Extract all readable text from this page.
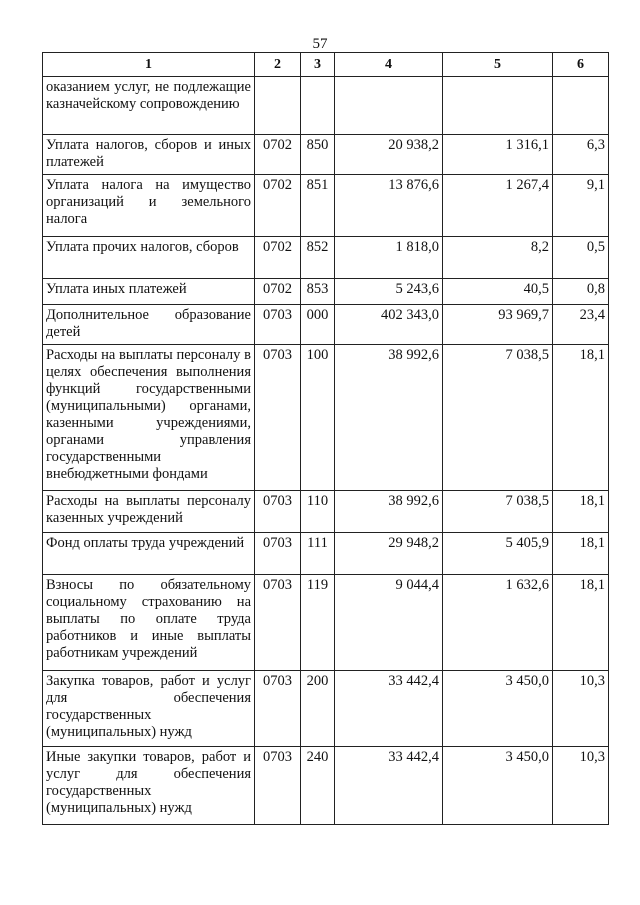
57
1	2	3	4	5	6
оказанием услуг, не подлежащие казначейскому сопровождению					
Уплата налогов, сборов и иных платежей	0702	850	20 938,2	1 316,1	6,3
Уплата налога на имущество организаций и земельного налога	0702	851	13 876,6	1 267,4	9,1
Уплата прочих налогов, сборов	0702	852	1 818,0	8,2	0,5
Уплата иных платежей	0702	853	5 243,6	40,5	0,8
Дополнительное образование детей	0703	000	402 343,0	93 969,7	23,4
Расходы на выплаты персоналу в целях обеспечения выполнения функций государственными (муниципальными) органами, казенными учреждениями, органами управления государственными внебюджетными фондами	0703	100	38 992,6	7 038,5	18,1
Расходы на выплаты персоналу казенных учреждений	0703	110	38 992,6	7 038,5	18,1
Фонд оплаты труда учреждений	0703	111	29 948,2	5 405,9	18,1
Взносы по обязательному социальному страхованию на выплаты по оплате труда работников и иные выплаты работникам учреждений	0703	119	9 044,4	1 632,6	18,1
Закупка товаров, работ и услуг для обеспечения государственных (муниципальных) нужд	0703	200	33 442,4	3 450,0	10,3
Иные закупки товаров, работ и услуг для обеспечения государственных (муниципальных) нужд	0703	240	33 442,4	3 450,0	10,3
